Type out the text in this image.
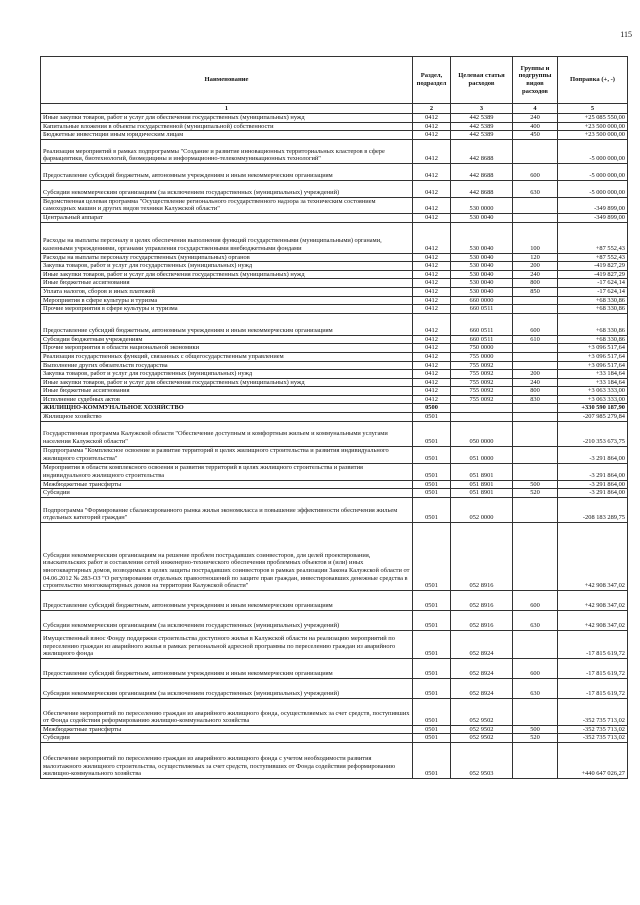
115
Наименование	Раздел, подраздел	Целевая статья расходов	Группы и подгруппы видов расходов	Поправка (+, -)
1	2	3	4	5
Иные закупки товаров, работ и услуг для обеспечения государственных (муниципальных) нужд	0412	442 5389	240	+25 085 550,00
Капитальные вложения в объекты государственной (муниципальной) собственности	0412	442 5389	400	+23 500 000,00
Бюджетные инвестиции иным юридическим лицам	0412	442 5389	450	+23 500 000,00
Реализация мероприятий в рамках подпрограммы "Создание и развитие инновационных территориальных кластеров в сфере фармацевтики, биотехнологий, биомедицины и информационно-телекоммуникационных технологий"	0412	442 8688		-5 000 000,00
Предоставление субсидий бюджетным, автономным учреждениям и иным некоммерческим организациям	0412	442 8688	600	-5 000 000,00
Субсидии некоммерческим организациям (за исключением государственных (муниципальных) учреждений)	0412	442 8688	630	-5 000 000,00
Ведомственная целевая программа "Осуществление регионального государственного надзора за техническим состоянием самоходных машин и других видов техники Калужской области"	0412	530 0000		-349 899,00
Центральный аппарат	0412	530 0040		-349 899,00
Расходы на выплаты персоналу в целях обеспечения выполнения функций государственными (муниципальными) органами, казенными учреждениями, органами управления государственными внебюджетными фондами	0412	530 0040	100	+87 552,43
Расходы на выплаты персоналу государственных (муниципальных) органов	0412	530 0040	120	+87 552,43
Закупка товаров, работ и услуг для государственных (муниципальных) нужд	0412	530 0040	200	-419 827,29
Иные закупки товаров, работ и услуг для обеспечения государственных (муниципальных) нужд	0412	530 0040	240	-419 827,29
Иные бюджетные ассигнования	0412	530 0040	800	-17 624,14
Уплата налогов, сборов и иных платежей	0412	530 0040	850	-17 624,14
Мероприятия в сфере культуры и туризма	0412	660 0000		+68 330,86
Прочие мероприятия в сфере культуры и туризма	0412	660 0511		+68 330,86
Предоставление субсидий бюджетным, автономным учреждениям и иным некоммерческим организациям	0412	660 0511	600	+68 330,86
Субсидии бюджетным учреждениям	0412	660 0511	610	+68 330,86
Прочие мероприятия в области национальной экономики	0412	750 0000		+3 096 517,64
Реализация государственных функций, связанных с общегосударственным управлением	0412	755 0000		+3 096 517,64
Выполнение других обязательств государства	0412	755 0092		+3 096 517,64
Закупка товаров, работ и услуг для государственных (муниципальных) нужд	0412	755 0092	200	+33 184,64
Иные закупки товаров, работ и услуг для обеспечения государственных (муниципальных) нужд	0412	755 0092	240	+33 184,64
Иные бюджетные ассигнования	0412	755 0092	800	+3 063 333,00
Исполнение судебных актов	0412	755 0092	830	+3 063 333,00
ЖИЛИЩНО-КОММУНАЛЬНОЕ ХОЗЯЙСТВО	0500			+330 590 187,90
Жилищное хозяйство	0501			-207 985 279,84
Государственная программа Калужской области "Обеспечение доступным и комфортным жильем и коммунальными услугами населения Калужской области"	0501	050 0000		-210 353 673,75
Подпрограмма "Комплексное освоение и развитие территорий в целях жилищного строительства и развития индивидуального жилищного строительства"	0501	051 0000		-3 291 864,00
Мероприятия в области комплексного освоения и развития территорий в целях жилищного строительства и развития индивидуального жилищного строительства	0501	051 8901		-3 291 864,00
Межбюджетные трансферты	0501	051 8901	500	-3 291 864,00
Субсидии	0501	051 8901	520	-3 291 864,00
Подпрограмма "Формирование сбалансированного рынка жилья экономкласса и повышение эффективности обеспечения жильем отдельных категорий граждан"	0501	052 0000		-208 183 289,75
Субсидии некоммерческим организациям на решение проблем пострадавших соинвесторов, для целей проектирования, изыскательских работ и составления сетей инженерно-технического обеспечения проблемных объектов и (или) иных многоквартирных домов, возводимых в целях защиты пострадавших соинвесторов в рамках реализации Закона Калужской области от 04.06.2012 № 283-ОЗ "О регулировании отдельных правоотношений по защите прав граждан, инвестировавших денежные средства в строительство многоквартирных домов на территории Калужской области"	0501	052 8916		+42 908 347,02
Предоставление субсидий бюджетным, автономным учреждениям и иным некоммерческим организациям	0501	052 8916	600	+42 908 347,02
Субсидии некоммерческим организациям (за исключением государственных (муниципальных) учреждений)	0501	052 8916	630	+42 908 347,02
Имущественный взнос Фонду поддержки строительства доступного жилья в Калужской области на реализацию мероприятий по переселению граждан из аварийного жилья в рамках региональной адресной программы по переселению граждан из аварийного жилищного фонда	0501	052 8924		-17 815 619,72
Предоставление субсидий бюджетным, автономным учреждениям и иным некоммерческим организациям	0501	052 8924	600	-17 815 619,72
Субсидии некоммерческим организациям (за исключением государственных (муниципальных) учреждений)	0501	052 8924	630	-17 815 619,72
Обеспечение мероприятий по переселению граждан из аварийного жилищного фонда, осуществляемых за счет средств, поступивших от Фонда содействия реформированию жилищно-коммунального хозяйства	0501	052 9502		-352 735 713,02
Межбюджетные трансферты	0501	052 9502	500	-352 735 713,02
Субсидии	0501	052 9502	520	-352 735 713,02
Обеспечение мероприятий по переселению граждан из аварийного жилищного фонда с учетом необходимости развития малоэтажного жилищного строительства, осуществляемых за счет средств, поступивших от Фонда содействия реформированию жилищно-коммунального хозяйства	0501	052 9503		+440 647 026,27
